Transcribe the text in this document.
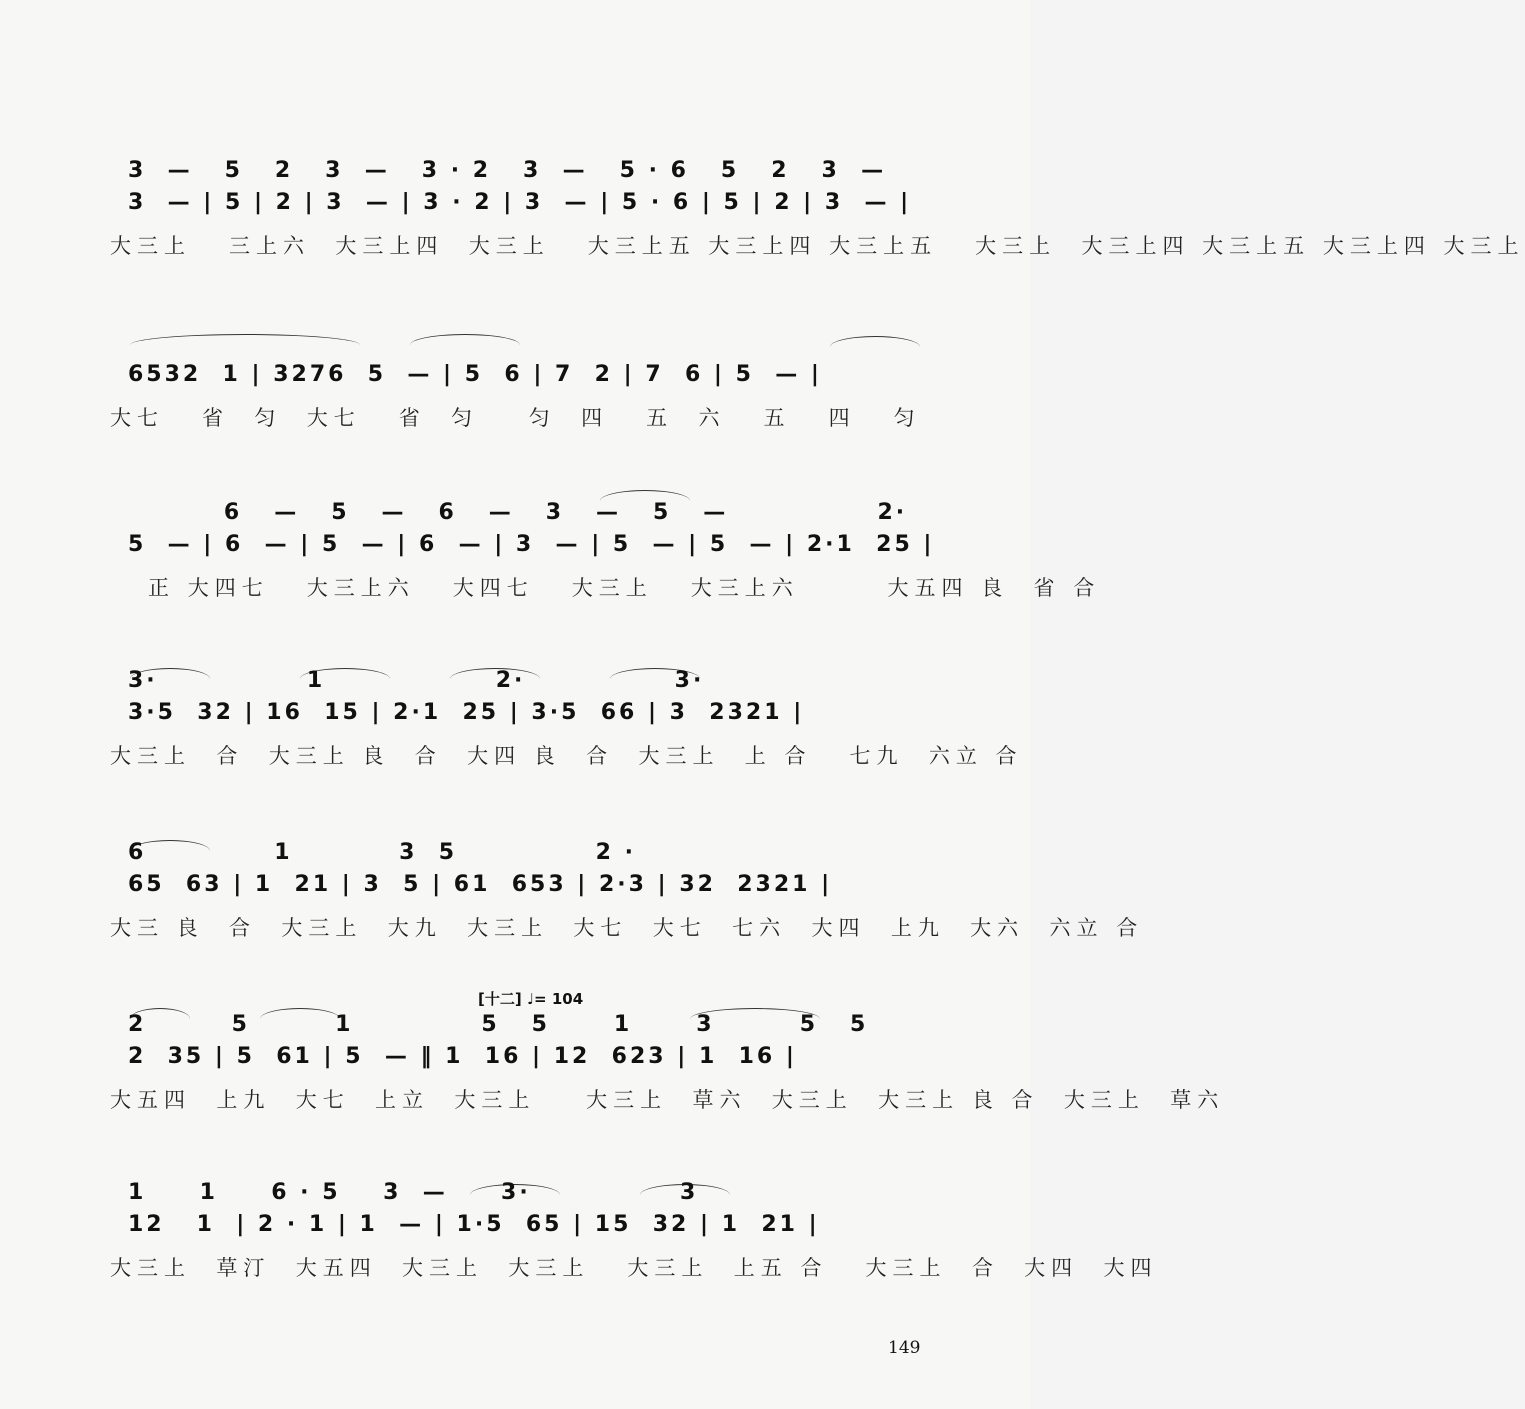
3  —   5   2   3  —   3 · 2   3  —   5 · 6   5   2   3  —
3  — | 5 | 2 | 3  — | 3 · 2 | 3  — | 5 · 6 | 5 | 2 | 3  — |
大三上   三上六  大三上四  大三上   大三上五 大三上四 大三上五   大三上  大三上四 大三上五 大三上四 大三上
6532  1 | 3276  5  — | 5  6 | 7  2 | 7  6 | 5  — |
大七   省  匀  大七   省  匀    匀  四   五  六   五   四   匀
6   —   5   —   6   —   3   —   5   —              2·
5  — | 6  — | 5  — | 6  — | 3  — | 5  — | 5  — | 2·1  25 |
正 大四七   大三上六   大四七   大三上   大三上六       大五四 良  省 合
3·              1                2·              3·
3·5  32 | 16  15 | 2·1  25 | 3·5  66 | 3  2321 |
大三上  合  大三上 良  合  大四 良  合  大三上  上 合   七九  六立 合
6            1          3  5             2 ·
65  63 | 1  21 | 3  5 | 61  653 | 2·3 | 32  2321 |
大三 良  合  大三上  大九  大三上  大七  大七  七六  大四  上九  大六  六立 合
[十二] ♩= 104
2        5        1            5   5      1      3        5   5
2  35 | 5  61 | 5  — ‖ 1  16 | 12  623 | 1  16 |
大五四  上九  大七  上立  大三上    大三上  草六  大三上  大三上 良 合  大三上  草六
1     1     6 · 5    3  —     3·              3
12   1  | 2 · 1 | 1  — | 1·5  65 | 15  32 | 1  21 |
大三上  草汀  大五四  大三上  大三上   大三上  上五 合   大三上  合  大四  大四
149
